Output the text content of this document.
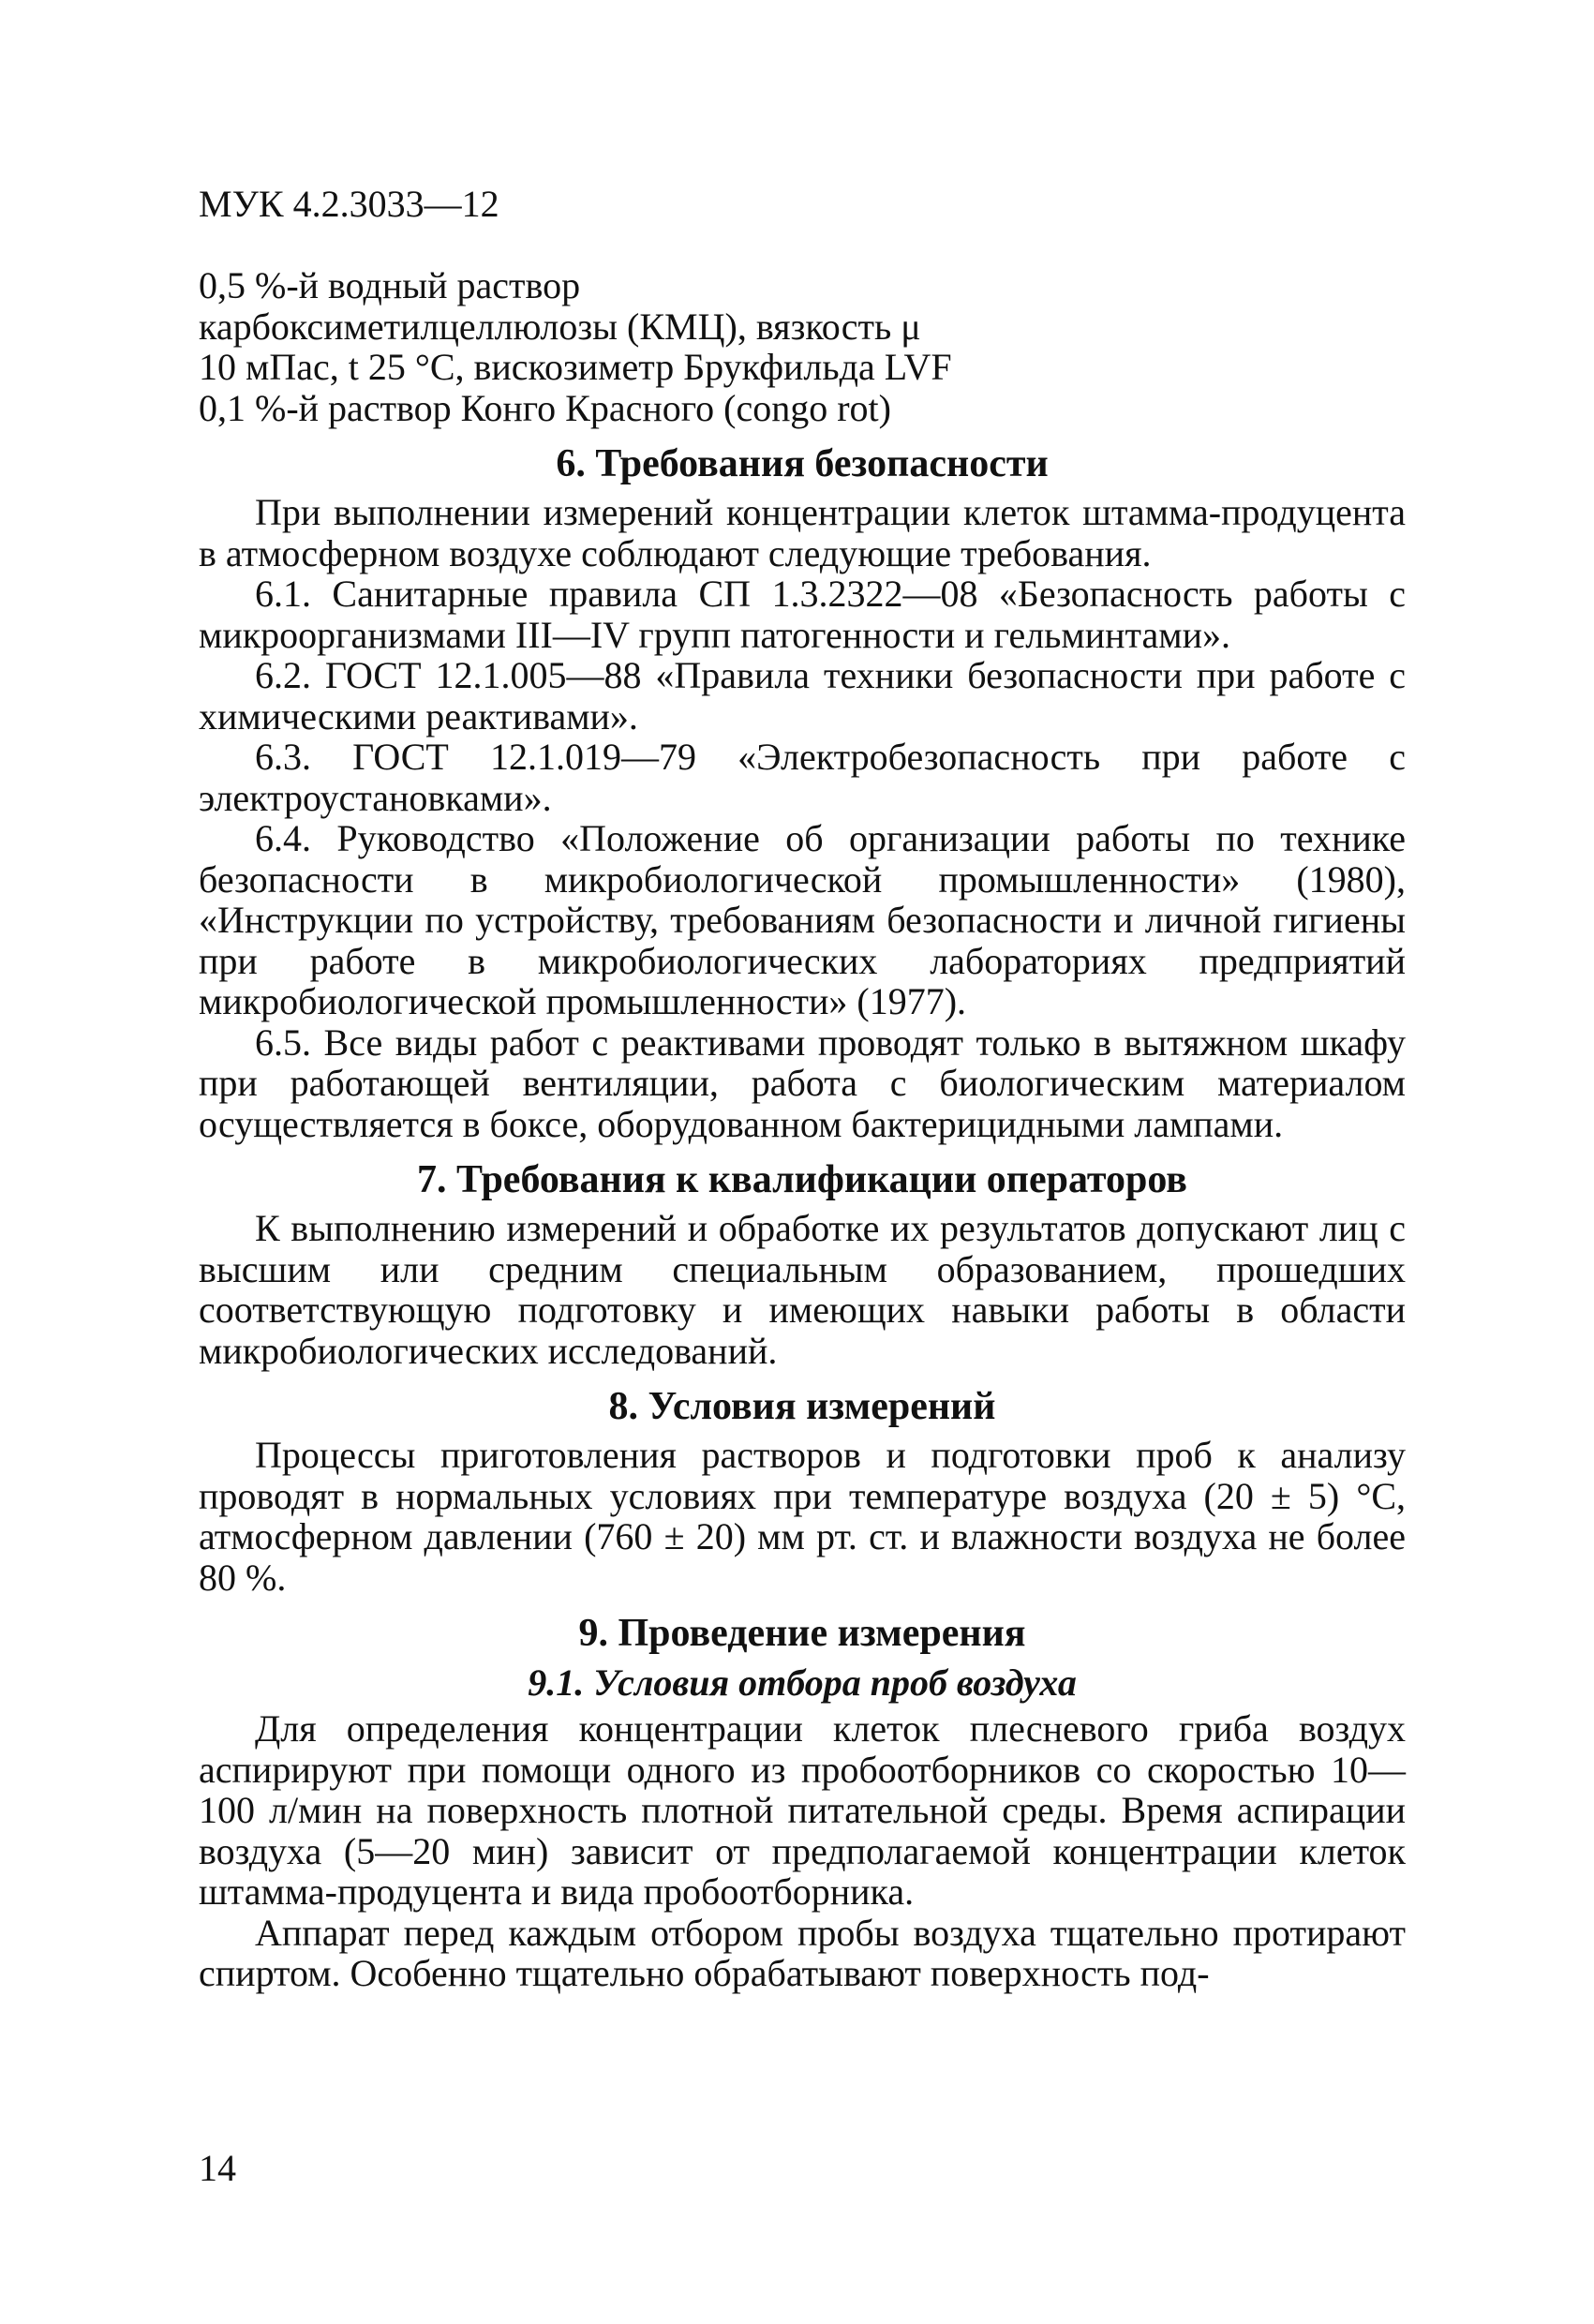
МУК 4.2.3033—12

0,5 %-й водный раствор карбоксиметилцеллюлозы (КМЦ), вязкость μ 10 мПас, t 25 °С, вискозиметр Брукфильда LVF

0,1 %-й раствор Конго Красного (congo rot)

6. Требования безопасности

При выполнении измерений концентрации клеток штамма-продуцента в атмосферном воздухе соблюдают следующие требования.

6.1. Санитарные правила СП 1.3.2322—08 «Безопасность работы с микроорганизмами III—IV групп патогенности и гельминтами».

6.2. ГОСТ 12.1.005—88 «Правила техники безопасности при работе с химическими реактивами».

6.3. ГОСТ 12.1.019—79 «Электробезопасность при работе с электроустановками».

6.4. Руководство «Положение об организации работы по технике безопасности в микробиологической промышленности» (1980), «Инструкции по устройству, требованиям безопасности и личной гигиены при работе в микробиологических лабораториях предприятий микробиологической промышленности» (1977).

6.5. Все виды работ с реактивами проводят только в вытяжном шкафу при работающей вентиляции, работа с биологическим материалом осуществляется в боксе, оборудованном бактерицидными лампами.

7. Требования к квалификации операторов

К выполнению измерений и обработке их результатов допускают лиц с высшим или средним специальным образованием, прошедших соответствующую подготовку и имеющих навыки работы в области микробиологических исследований.

8. Условия измерений

Процессы приготовления растворов и подготовки проб к анализу проводят в нормальных условиях при температуре воздуха (20 ± 5) °С, атмосферном давлении (760 ± 20) мм рт. ст. и влажности воздуха не более 80 %.

9. Проведение измерения
9.1. Условия отбора проб воздуха

Для определения концентрации клеток плесневого гриба воздух аспирируют при помощи одного из пробоотборников со скоростью 10—100 л/мин на поверхность плотной питательной среды. Время аспирации воздуха (5—20 мин) зависит от предполагаемой концентрации клеток штамма-продуцента и вида пробоотборника.

Аппарат перед каждым отбором пробы воздуха тщательно протирают спиртом. Особенно тщательно обрабатывают поверхность под-

14
